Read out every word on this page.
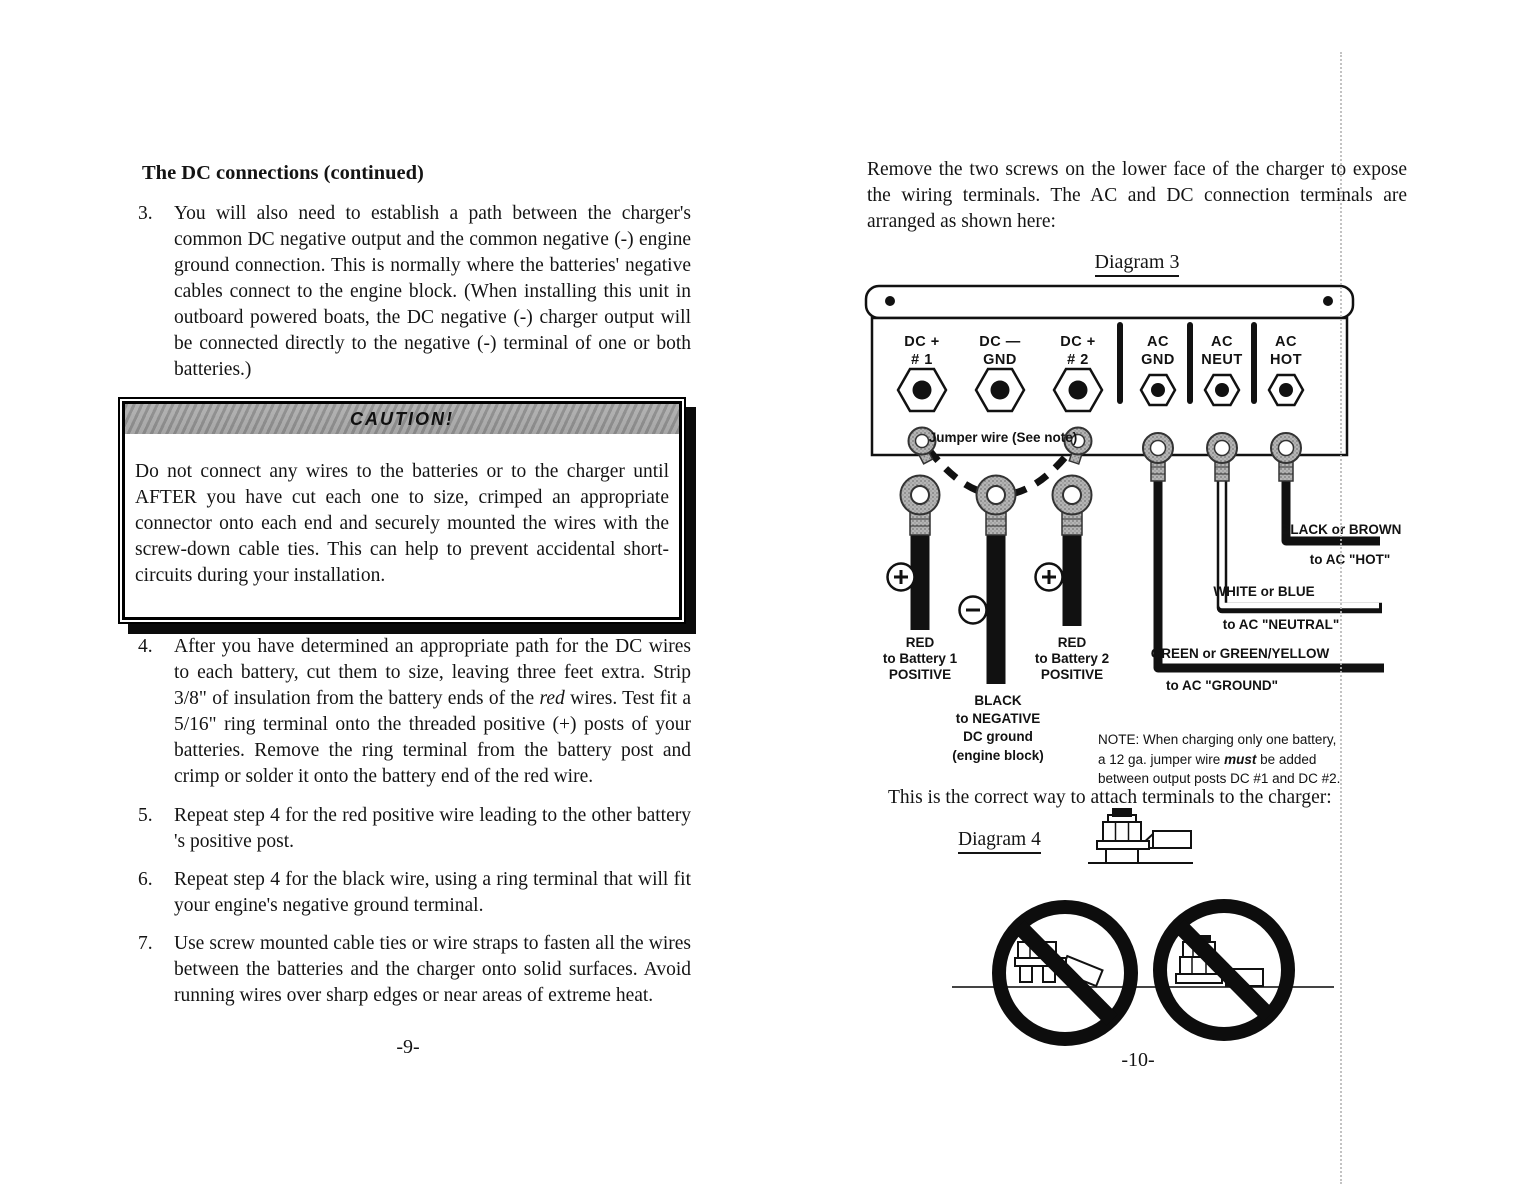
The DC connections (continued)
3. You will also need to establish a path between the charger's common DC negative output and the common negative (-) engine ground connection. This is normally where the batteries' negative cables connect to the engine block. (When installing this unit in outboard powered boats, the DC negative (-) charger output will be connected directly to the negative (-) terminal of one or both batteries.)

CAUTION!

Do not connect any wires to the batteries or to the charger until AFTER you have cut each one to size, crimped an appropriate connector onto each end and securely mounted the wires with the screw-down cable ties. This can help to prevent accidental short-circuits during your installation.

4. After you have determined an appropriate path for the DC wires to each battery, cut them to size, leaving three feet extra. Strip 3/8" of insulation from the battery ends of the red wires. Test fit a 5/16" ring terminal onto the threaded positive (+) posts of your batteries. Remove the ring terminal from the battery post and crimp or solder it onto the battery end of the red wire.

5. Repeat step 4 for the red positive wire leading to the other battery 's positive post.

6. Repeat step 4 for the black wire, using a ring terminal that will fit your engine's negative ground terminal.

7. Use screw mounted cable ties or wire straps to fasten all the wires between the batteries and the charger onto solid surfaces. Avoid running wires over sharp edges or near areas of extreme heat.

-9-

Remove the two screws on the lower face of the charger to expose the wiring terminals. The AC and DC connection terminals are arranged as shown here:

Diagram 3
DC +
# 1
DC —
GND
DC +
# 2
AC
GND
AC
NEUT
AC
HOT
Jumper wire (See note)
RED
to Battery 1
POSITIVE
BLACK
to NEGATIVE
DC ground
(engine block)
RED
to Battery 2
POSITIVE
BLACK or BROWN
to AC "HOT"
WHITE or BLUE
to AC "NEUTRAL"
GREEN or GREEN/YELLOW
to AC "GROUND"
NOTE: When charging only one battery,
a 12 ga. jumper wire must be added
between output posts DC #1 and DC #2.
This is the correct way to attach terminals to the charger:
Diagram 4
-10-
